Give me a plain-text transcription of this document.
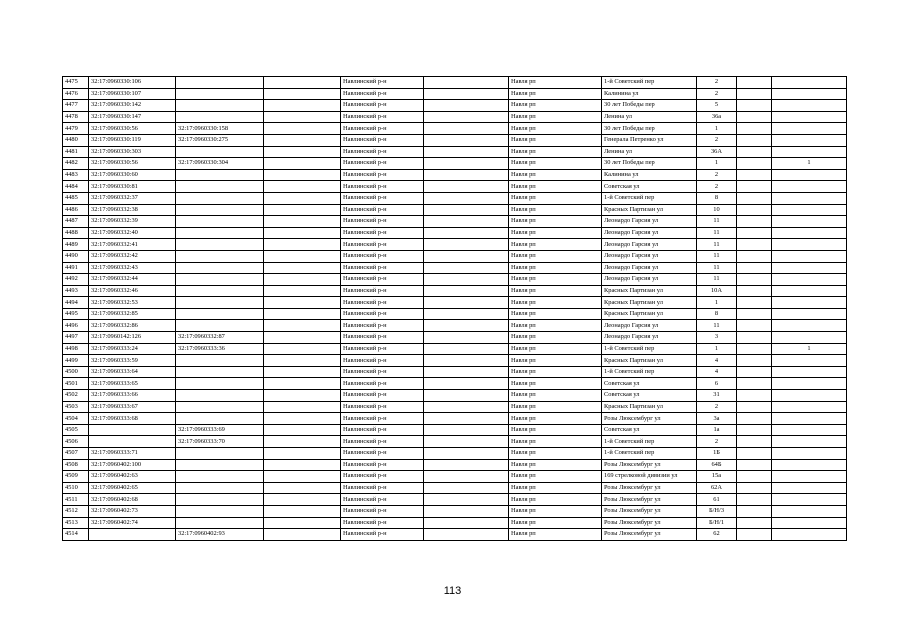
4475	32:17:0960330:106			Навлинский р-н		Навля рп	1-й Советский пер	2		
4476	32:17:0960330:107			Навлинский р-н		Навля рп	Калинина ул	2		
4477	32:17:0960330:142			Навлинский р-н		Навля рп	30 лет Победы пер	5		
4478	32:17:0960330:147			Навлинский р-н		Навля рп	Ленина ул	36а		
4479	32:17:0960330:56	32:17:0960330:158		Навлинский р-н		Навля рп	30 лет Победы пер	1		
4480	32:17:0960330:119	32:17:0960330:275		Навлинский р-н		Навля рп	Генерала Петренко ул	2		
4481	32:17:0960330:303			Навлинский р-н		Навля рп	Ленина ул	36А		
4482	32:17:0960330:56	32:17:0960330:304		Навлинский р-н		Навля рп	30 лет Победы пер	1		1
4483	32:17:0960330:60			Навлинский р-н		Навля рп	Калинина ул	2		
4484	32:17:0960330:81			Навлинский р-н		Навля рп	Советская ул	2		
4485	32:17:0960332:37			Навлинский р-н		Навля рп	1-й Советский пер	8		
4486	32:17:0960332:38			Навлинский р-н		Навля рп	Красных Партизан ул	10		
4487	32:17:0960332:39			Навлинский р-н		Навля рп	Леонардо Гарсия ул	11		
4488	32:17:0960332:40			Навлинский р-н		Навля рп	Леонардо Гарсия ул	11		
4489	32:17:0960332:41			Навлинский р-н		Навля рп	Леонардо Гарсия ул	11		
4490	32:17:0960332:42			Навлинский р-н		Навля рп	Леонардо Гарсия ул	11		
4491	32:17:0960332:43			Навлинский р-н		Навля рп	Леонардо Гарсия ул	11		
4492	32:17:0960332:44			Навлинский р-н		Навля рп	Леонардо Гарсия ул	11		
4493	32:17:0960332:46			Навлинский р-н		Навля рп	Красных Партизан ул	10А		
4494	32:17:0960332:53			Навлинский р-н		Навля рп	Красных Партизан ул	1		
4495	32:17:0960332:85			Навлинский р-н		Навля рп	Красных Партизан ул	8		
4496	32:17:0960332:86			Навлинский р-н		Навля рп	Леонардо Гарсия ул	11		
4497	32:17:0960142:126	32:17:0960332:87		Навлинский р-н		Навля рп	Леонардо Гарсия ул	3		
4498	32:17:0960333:24	32:17:0960333:36		Навлинский р-н		Навля рп	1-й Советский пер	1		1
4499	32:17:0960333:59			Навлинский р-н		Навля рп	Красных Партизан ул	4		
4500	32:17:0960333:64			Навлинский р-н		Навля рп	1-й Советский пер	4		
4501	32:17:0960333:65			Навлинский р-н		Навля рп	Советская ул	6		
4502	32:17:0960333:66			Навлинский р-н		Навля рп	Советская ул	31		
4503	32:17:0960333:67			Навлинский р-н		Навля рп	Красных Партизан ул	2		
4504	32:17:0960333:68			Навлинский р-н		Навля рп	Розы Люксембург ул	3а		
4505		32:17:0960333:69		Навлинский р-н		Навля рп	Советская ул	1а		
4506		32:17:0960333:70		Навлинский р-н		Навля рп	1-й Советский пер	2		
4507	32:17:0960333:71			Навлинский р-н		Навля рп	1-й Советский пер	1Б		
4508	32:17:0960402:100			Навлинский р-н		Навля рп	Розы Люксембург ул	64Б		
4509	32:17:0960402:63			Навлинский р-н		Навля рп	169 стрелковой дивизии ул	15а		
4510	32:17:0960402:65			Навлинский р-н		Навля рп	Розы Люксембург ул	62А		
4511	32:17:0960402:68			Навлинский р-н		Навля рп	Розы Люксембург ул	61		
4512	32:17:0960402:73			Навлинский р-н		Навля рп	Розы Люксембург ул	Б/Н/3		
4513	32:17:0960402:74			Навлинский р-н		Навля рп	Розы Люксембург ул	Б/Н/1		
4514		32:17:0960402:93		Навлинский р-н		Навля рп	Розы Люксембург ул	62		
113
